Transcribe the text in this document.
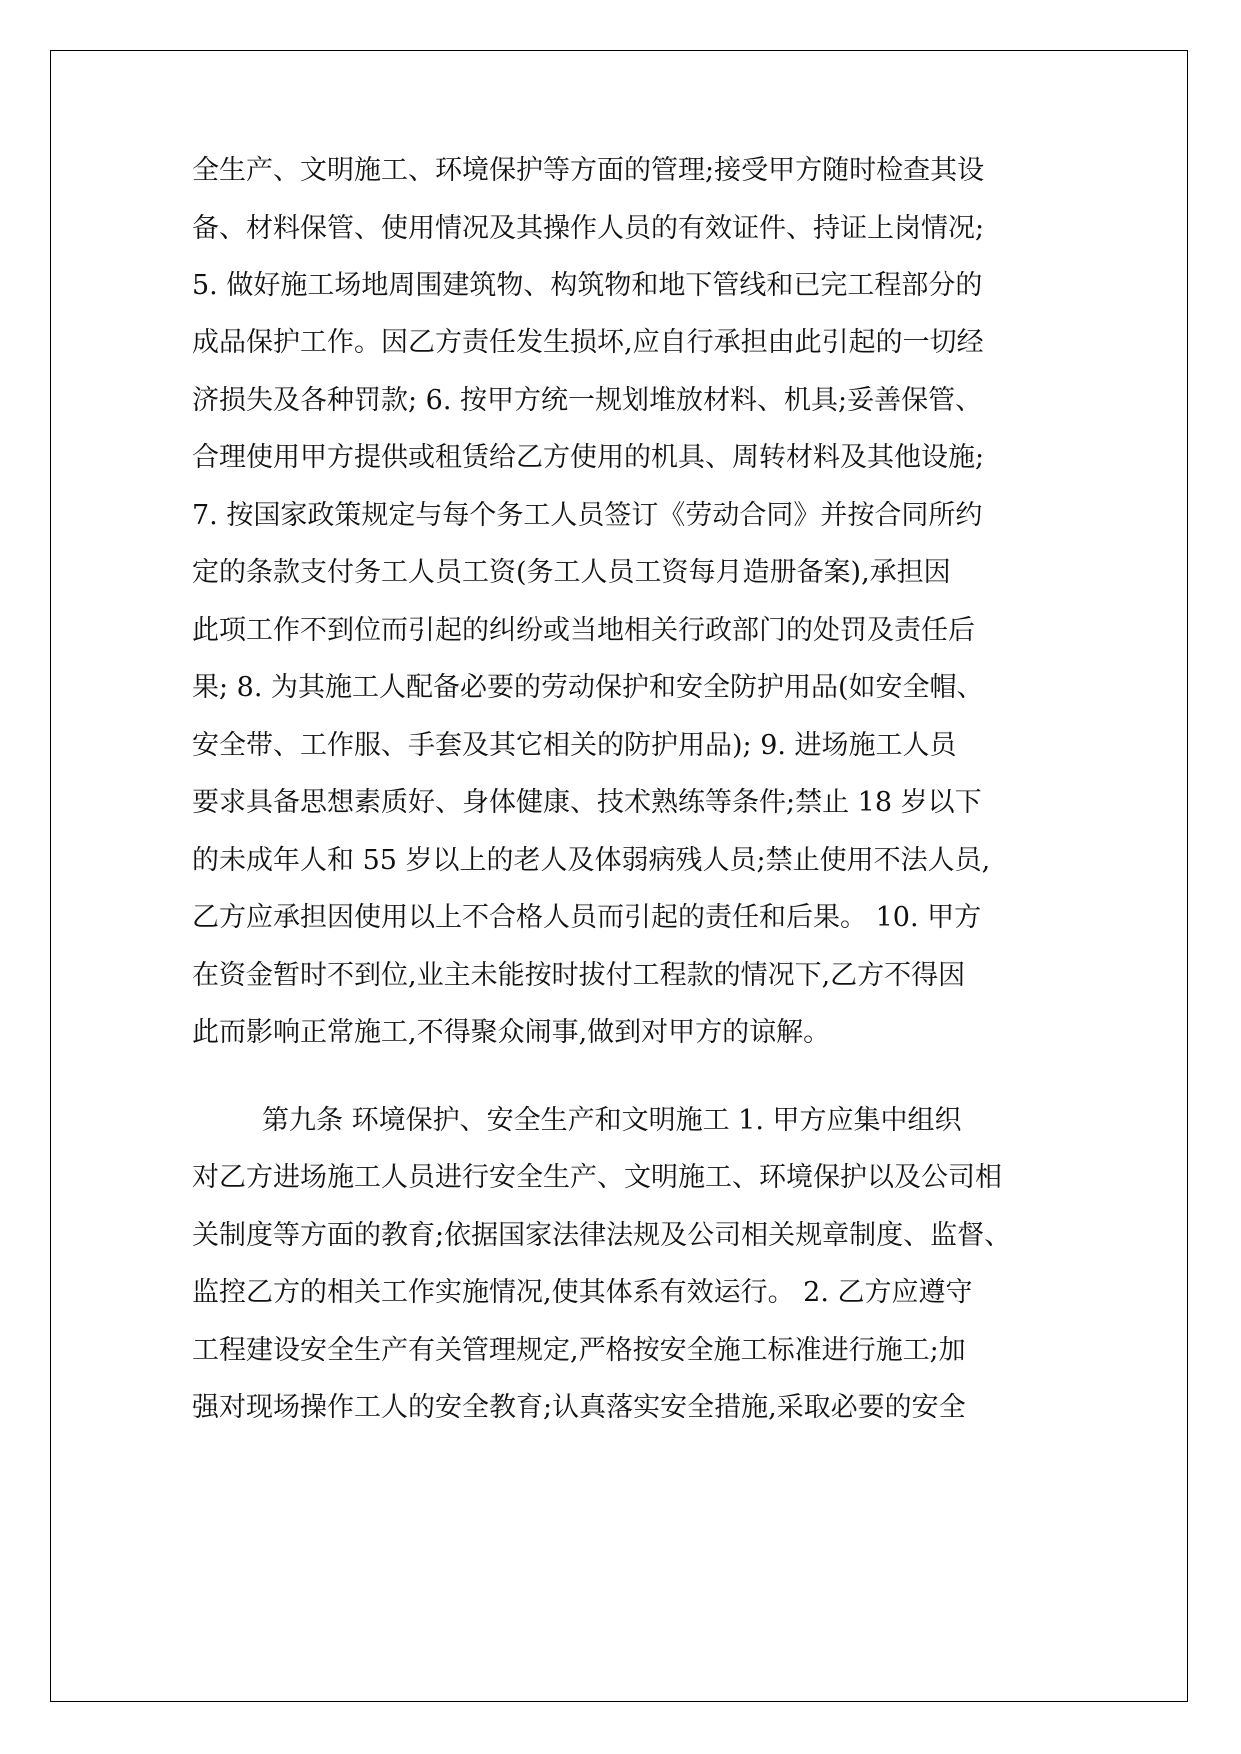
全生产、文明施工、环境保护等方面的管理;接受甲方随时检查其设
备、材料保管、使用情况及其操作人员的有效证件、持证上岗情况;
5. 做好施工场地周围建筑物、构筑物和地下管线和已完工程部分的
成品保护工作。因乙方责任发生损坏,应自行承担由此引起的一切经
济损失及各种罚款; 6. 按甲方统一规划堆放材料、机具;妥善保管、
合理使用甲方提供或租赁给乙方使用的机具、周转材料及其他设施;
7. 按国家政策规定与每个务工人员签订《劳动合同》并按合同所约
定的条款支付务工人员工资(务工人员工资每月造册备案),承担因
此项工作不到位而引起的纠纷或当地相关行政部门的处罚及责任后
果; 8. 为其施工人配备必要的劳动保护和安全防护用品(如安全帽、
安全带、工作服、手套及其它相关的防护用品); 9. 进场施工人员
要求具备思想素质好、身体健康、技术熟练等条件;禁止 18 岁以下
的未成年人和 55 岁以上的老人及体弱病残人员;禁止使用不法人员,
乙方应承担因使用以上不合格人员而引起的责任和后果。 10. 甲方
在资金暂时不到位,业主未能按时拔付工程款的情况下,乙方不得因
此而影响正常施工,不得聚众闹事,做到对甲方的谅解。
第九条 环境保护、安全生产和文明施工 1. 甲方应集中组织
对乙方进场施工人员进行安全生产、文明施工、环境保护以及公司相
关制度等方面的教育;依据国家法律法规及公司相关规章制度、监督、
监控乙方的相关工作实施情况,使其体系有效运行。 2. 乙方应遵守
工程建设安全生产有关管理规定,严格按安全施工标准进行施工;加
强对现场操作工人的安全教育;认真落实安全措施,采取必要的安全
